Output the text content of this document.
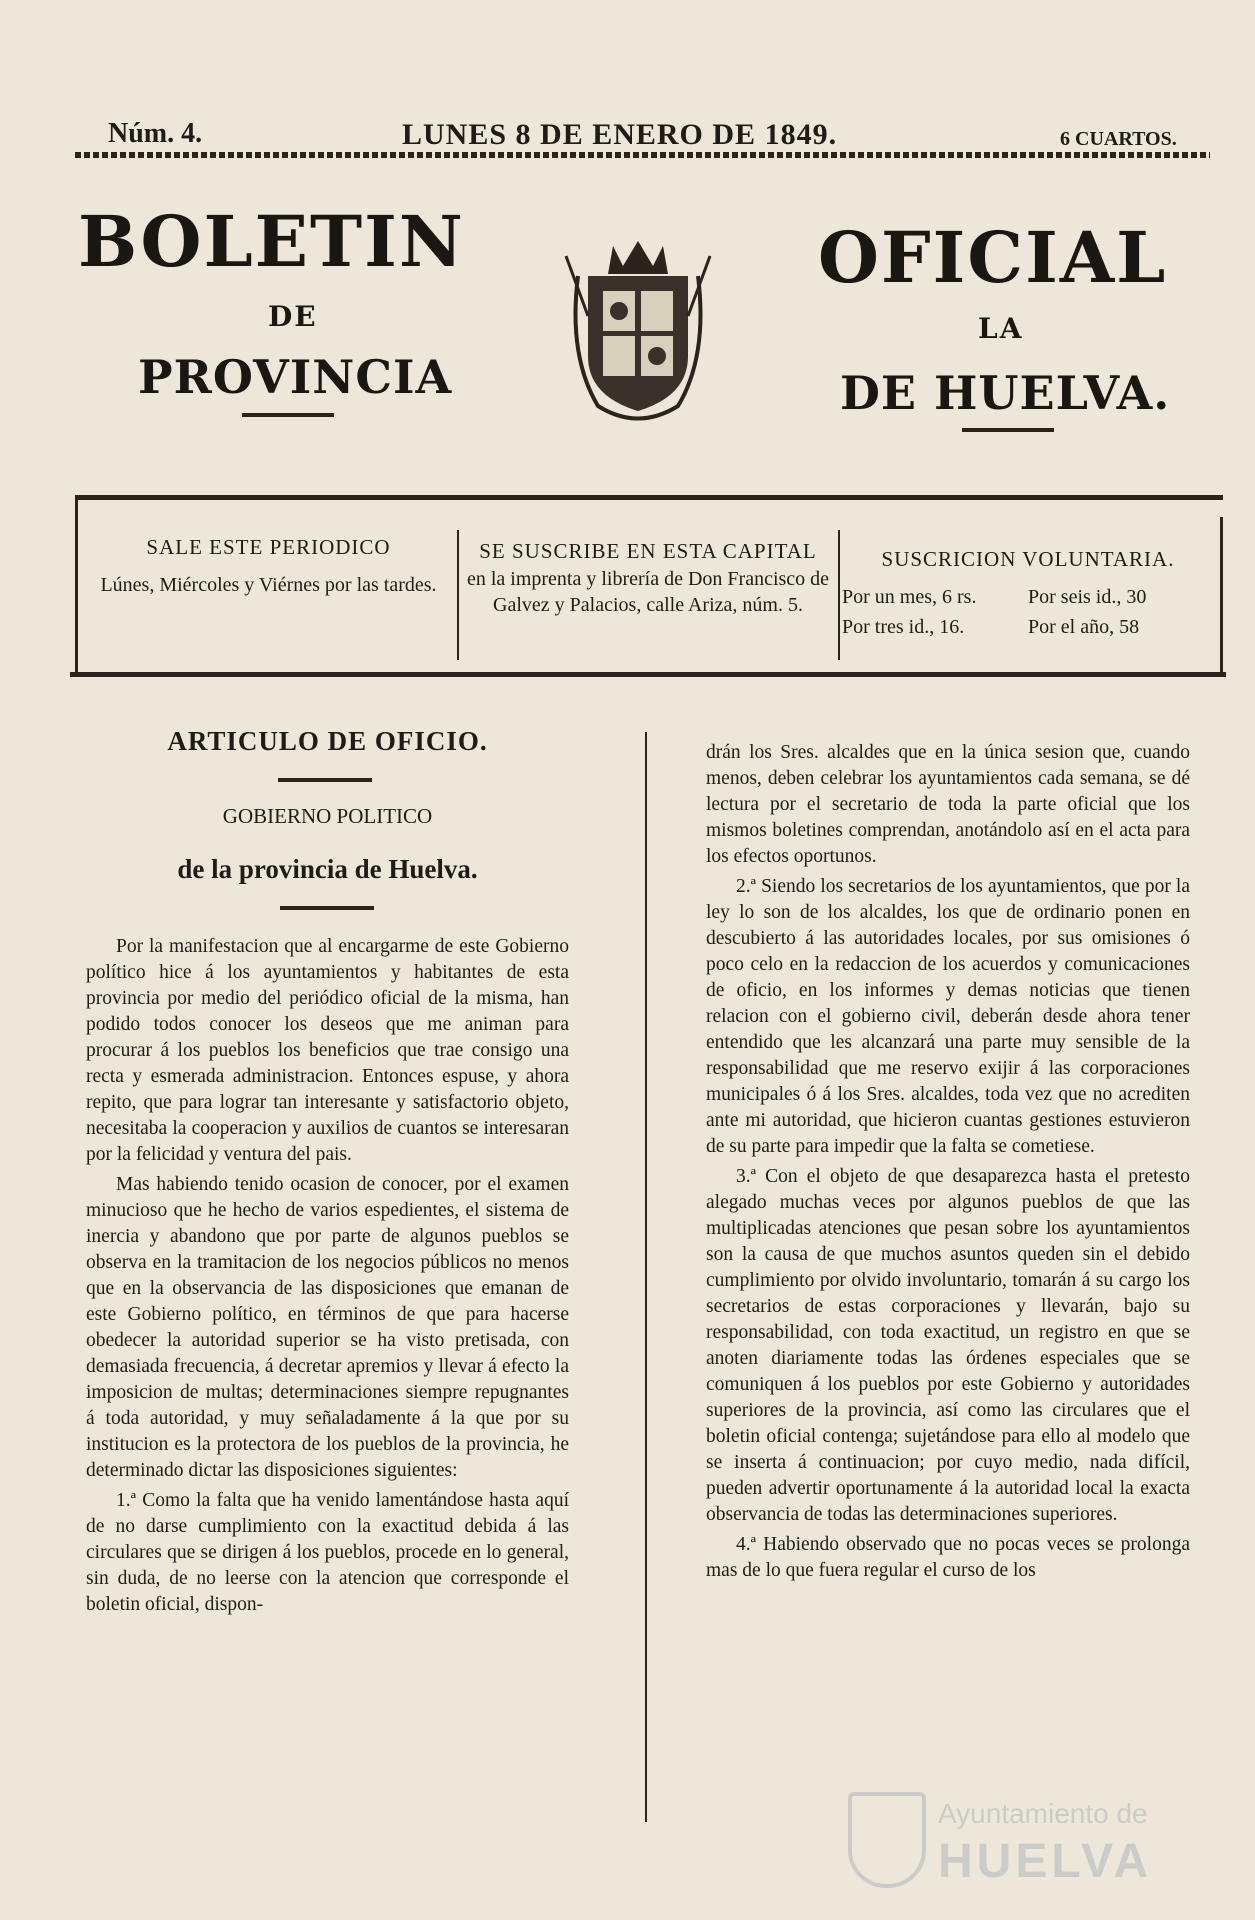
Núm. 4.	LUNES 8 DE ENERO DE 1849.	6 CUARTOS.
BOLETIN	OFICIAL
DE	LA
PROVINCIA	DE HUELVA.
SALE ESTE PERIODICO
Lúnes, Miércoles y Viérnes por las tardes.
SE SUSCRIBE EN ESTA CAPITAL
en la imprenta y librería de Don Francisco de Galvez y Palacios, calle Ariza, núm. 5.
SUSCRICION VOLUNTARIA.
Por un mes, 6 rs.	Por seis id., 30
Por tres id., 16.	Por el año, 58
ARTICULO DE OFICIO.
GOBIERNO POLITICO
de la provincia de Huelva.

Por la manifestacion que al encargarme de este Gobierno político hice á los ayuntamientos y habitantes de esta provincia por medio del periódico oficial de la misma, han podido todos conocer los deseos que me animan para procurar á los pueblos los beneficios que trae consigo una recta y esmerada administracion. Entonces espuse, y ahora repito, que para lograr tan interesante y satisfactorio objeto, necesitaba la cooperacion y auxilios de cuantos se interesaran por la felicidad y ventura del pais.

Mas habiendo tenido ocasion de conocer, por el examen minucioso que he hecho de varios espedientes, el sistema de inercia y abandono que por parte de algunos pueblos se observa en la tramitacion de los negocios públicos no menos que en la observancia de las disposiciones que emanan de este Gobierno político, en términos de que para hacerse obedecer la autoridad superior se ha visto pretisada, con demasiada frecuencia, á decretar apremios y llevar á efecto la imposicion de multas; determinaciones siempre repugnantes á toda autoridad, y muy señaladamente á la que por su institucion es la protectora de los pueblos de la provincia, he determinado dictar las disposiciones siguientes:

1.ª Como la falta que ha venido lamentándose hasta aquí de no darse cumplimiento con la exactitud debida á las circulares que se dirigen á los pueblos, procede en lo general, sin duda, de no leerse con la atencion que corresponde el boletin oficial, dispon-

drán los Sres. alcaldes que en la única sesion que, cuando menos, deben celebrar los ayuntamientos cada semana, se dé lectura por el secretario de toda la parte oficial que los mismos boletines comprendan, anotándolo así en el acta para los efectos oportunos.

2.ª Siendo los secretarios de los ayuntamientos, que por la ley lo son de los alcaldes, los que de ordinario ponen en descubierto á las autoridades locales, por sus omisiones ó poco celo en la redaccion de los acuerdos y comunicaciones de oficio, en los informes y demas noticias que tienen relacion con el gobierno civil, deberán desde ahora tener entendido que les alcanzará una parte muy sensible de la responsabilidad que me reservo exijir á las corporaciones municipales ó á los Sres. alcaldes, toda vez que no acrediten ante mi autoridad, que hicieron cuantas gestiones estuvieron de su parte para impedir que la falta se cometiese.

3.ª Con el objeto de que desaparezca hasta el pretesto alegado muchas veces por algunos pueblos de que las multiplicadas atenciones que pesan sobre los ayuntamientos son la causa de que muchos asuntos queden sin el debido cumplimiento por olvido involuntario, tomarán á su cargo los secretarios de estas corporaciones y llevarán, bajo su responsabilidad, con toda exactitud, un registro en que se anoten diariamente todas las órdenes especiales que se comuniquen á los pueblos por este Gobierno y autoridades superiores de la provincia, así como las circulares que el boletin oficial contenga; sujetándose para ello al modelo que se inserta á continuacion; por cuyo medio, nada difícil, pueden advertir oportunamente á la autoridad local la exacta observancia de todas las determinaciones superiores.

4.ª Habiendo observado que no pocas veces se prolonga mas de lo que fuera regular el curso de los

Ayuntamiento de
HUELVA
